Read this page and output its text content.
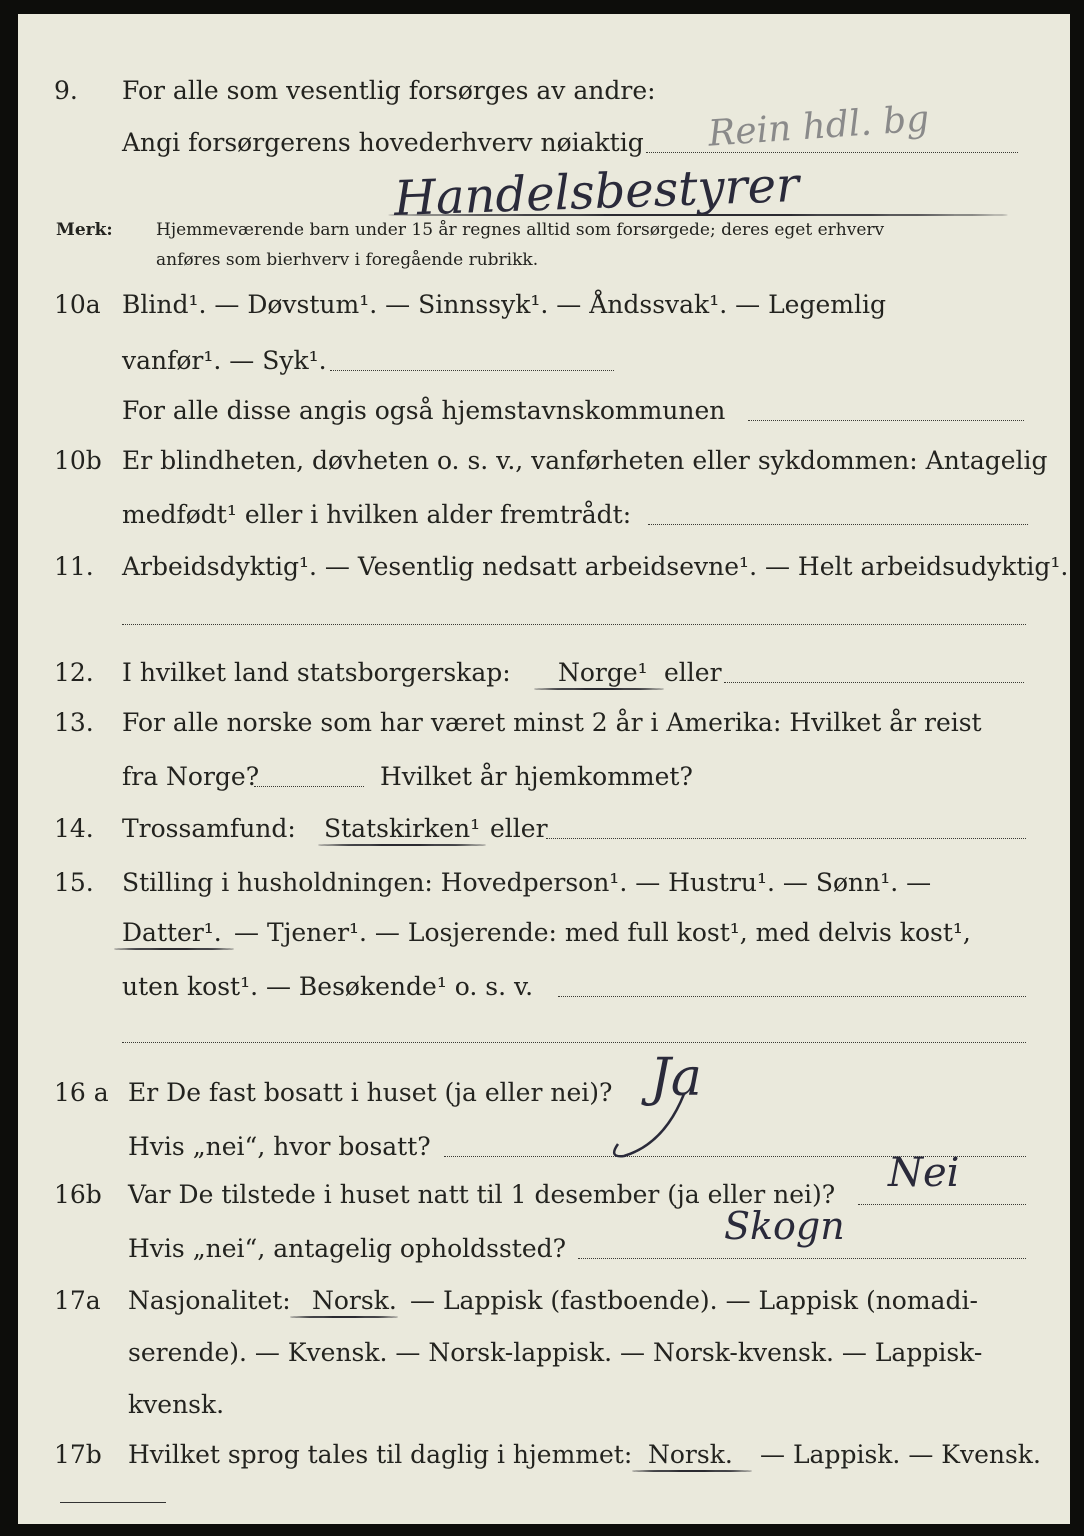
9. For alle som vesentlig forsørges av andre:
Angi forsørgerens hovederhverv nøiaktig Rein hdl. bg
Handelsbestyrer
Merk:	Hjemmeværende barn under 15 år regnes alltid som forsørgede; deres eget erhverv
anføres som bierhverv i foregående rubrikk.
10a Blind¹. — Døvstum¹. — Sinnssyk¹. — Åndssvak¹. — Legemlig
vanfør¹. — Syk¹.
For alle disse angis også hjemstavnskommunen
10b Er blindheten, døvheten o. s. v., vanførheten eller sykdommen: Antagelig
medfødt¹ eller i hvilken alder fremtrådt:
11. Arbeidsdyktig¹. — Vesentlig nedsatt arbeidsevne¹. — Helt arbeidsudyktig¹.
12. I hvilket land statsborgerskap: Norge¹ eller
13. For alle norske som har været minst 2 år i Amerika: Hvilket år reist
fra Norge?	Hvilket år hjemkommet?
14. Trossamfund: Statskirken¹ eller
15. Stilling i husholdningen: Hovedperson¹. — Hustru¹. — Sønn¹. —
Datter¹. — Tjener¹. — Losjerende: med full kost¹, med delvis kost¹,
uten kost¹. — Besøkende¹ o. s. v.
16 a Er De fast bosatt i huset (ja eller nei)? Ja
Hvis „nei“, hvor bosatt?
16b Var De tilstede i huset natt til 1 desember (ja eller nei)? Nei
Hvis „nei“, antagelig opholdssted?
Skogn
17a Nasjonalitet: Norsk. — Lappisk (fastboende). — Lappisk (nomadi-
serende). — Kvensk. — Norsk-lappisk. — Norsk-kvensk. — Lappisk-
kvensk.
17b Hvilket sprog tales til daglig i hjemmet: Norsk. — Lappisk. — Kvensk.
